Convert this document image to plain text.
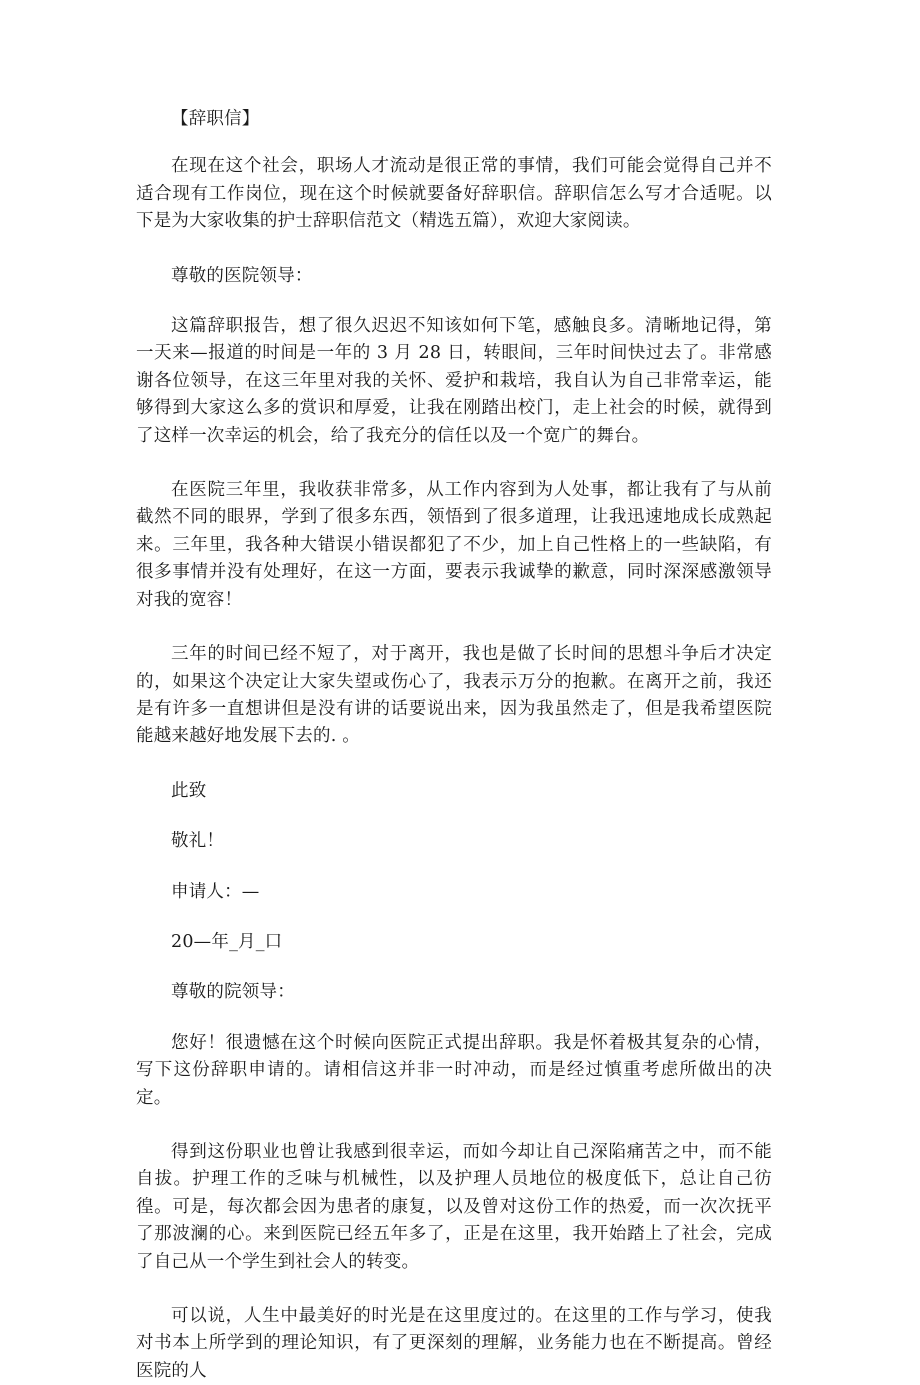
【辞职信】

在现在这个社会，职场人才流动是很正常的事情，我们可能会觉得自己并不适合现有工作岗位，现在这个时候就要备好辞职信。辞职信怎么写才合适呢。以下是为大家收集的护士辞职信范文（精选五篇），欢迎大家阅读。

尊敬的医院领导：

这篇辞职报告，想了很久迟迟不知该如何下笔，感触良多。清晰地记得，第一天来—报道的时间是一年的 3 月 28 日，转眼间，三年时间快过去了。非常感谢各位领导，在这三年里对我的关怀、爱护和栽培，我自认为自己非常幸运，能够得到大家这么多的赏识和厚爱，让我在刚踏出校门，走上社会的时候，就得到了这样一次幸运的机会，给了我充分的信任以及一个宽广的舞台。

在医院三年里，我收获非常多，从工作内容到为人处事，都让我有了与从前截然不同的眼界，学到了很多东西，领悟到了很多道理，让我迅速地成长成熟起来。三年里，我各种大错误小错误都犯了不少，加上自己性格上的一些缺陷，有很多事情并没有处理好，在这一方面，要表示我诚挚的歉意，同时深深感激领导对我的宽容！

三年的时间已经不短了，对于离开，我也是做了长时间的思想斗争后才决定的，如果这个决定让大家失望或伤心了，我表示万分的抱歉。在离开之前，我还是有许多一直想讲但是没有讲的话要说出来，因为我虽然走了，但是我希望医院能越来越好地发展下去的. 。

此致

敬礼！

申请人：—

20—年_月_口

尊敬的院领导：

您好！很遗憾在这个时候向医院正式提出辞职。我是怀着极其复杂的心情，写下这份辞职申请的。请相信这并非一时冲动，而是经过慎重考虑所做出的决定。

得到这份职业也曾让我感到很幸运，而如今却让自己深陷痛苦之中，而不能自拔。护理工作的乏味与机械性，以及护理人员地位的极度低下，总让自己彷徨。可是，每次都会因为患者的康复，以及曾对这份工作的热爱，而一次次抚平了那波澜的心。来到医院已经五年多了，正是在这里，我开始踏上了社会，完成了自己从一个学生到社会人的转变。

可以说，人生中最美好的时光是在这里度过的。在这里的工作与学习，使我对书本上所学到的理论知识，有了更深刻的理解，业务能力也在不断提高。曾经医院的人
